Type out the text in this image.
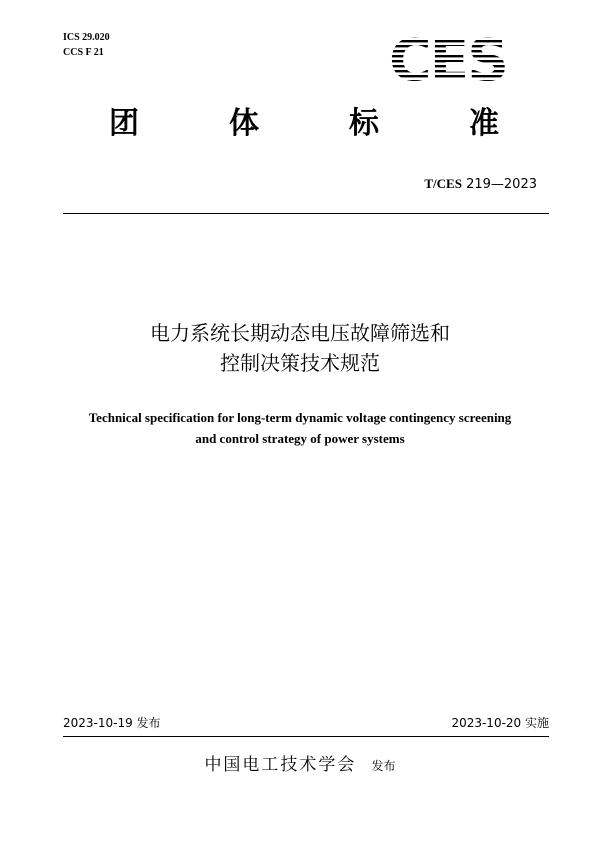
ICS 29.020
CCS F 21	CES
团	体	标	准
T/CES 219—2023
电力系统长期动态电压故障筛选和
控制决策技术规范
Technical specification for long-term dynamic voltage contingency screening
and control strategy of power systems
2023-10-19 发布	2023-10-20 实施
中国电工技术学会 发布
